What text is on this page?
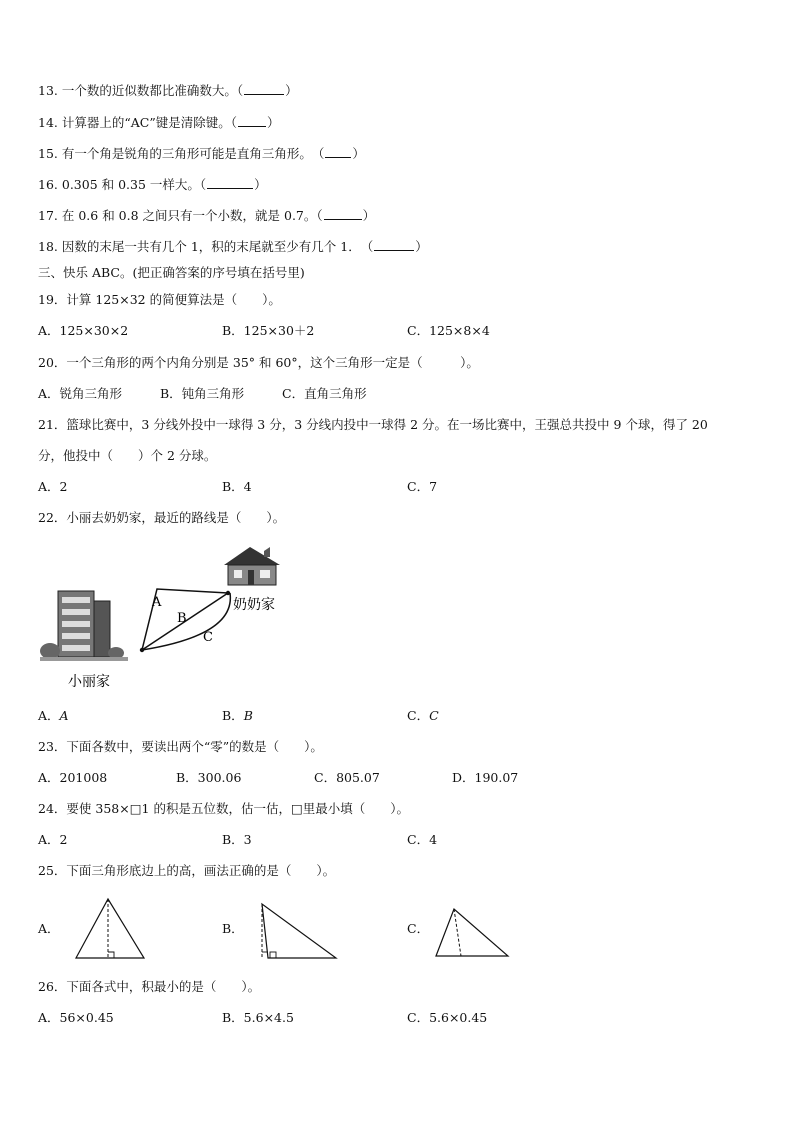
13. 一个数的近似数都比准确数大。（	）
14. 计算器上的“AC”键是清除键。（ ）
15. 有一个角是锐角的三角形可能是直角三角形。　（ ）
16. 0.305 和 0.35 一样大。（	）
17. 在 0.6 和 0.8 之间只有一个小数，就是 0.7。（	）
18. 因数的末尾一共有几个 1，积的末尾就至少有几个 1．　（	）
三、快乐 ABC。(把正确答案的序号填在括号里)
19．计算 125×32 的简便算法是（　　）。
A．125×30×2	B．125×30＋2	C．125×8×4
20．一个三角形的两个内角分别是 35° 和 60°，这个三角形一定是（　　　）。
A．锐角三角形	B．钝角三角形	C．直角三角形
21．篮球比赛中，3 分线外投中一球得 3 分，3 分线内投中一球得 2 分。在一场比赛中，王强总共投中 9 个球，得了 20
分，他投中（　　）个 2 分球。
A．2	B．4	C．7
22．小丽去奶奶家，最近的路线是（　　）。
A
B
C
奶奶家
小丽家
A．A	B．B	C．C
23．下面各数中，要读出两个“零”的数是（　　）。
A．201008	B．300.06	C．805.07	D．190.07
24．要使 358×□1 的积是五位数，估一估，□里最小填（　　）。
A．2	B．3	C．4
25．下面三角形底边上的高，画法正确的是（　　）。
A．	B．	C．
26．下面各式中，积最小的是（　　）。
A．56×0.45	B．5.6×4.5	C．5.6×0.45
